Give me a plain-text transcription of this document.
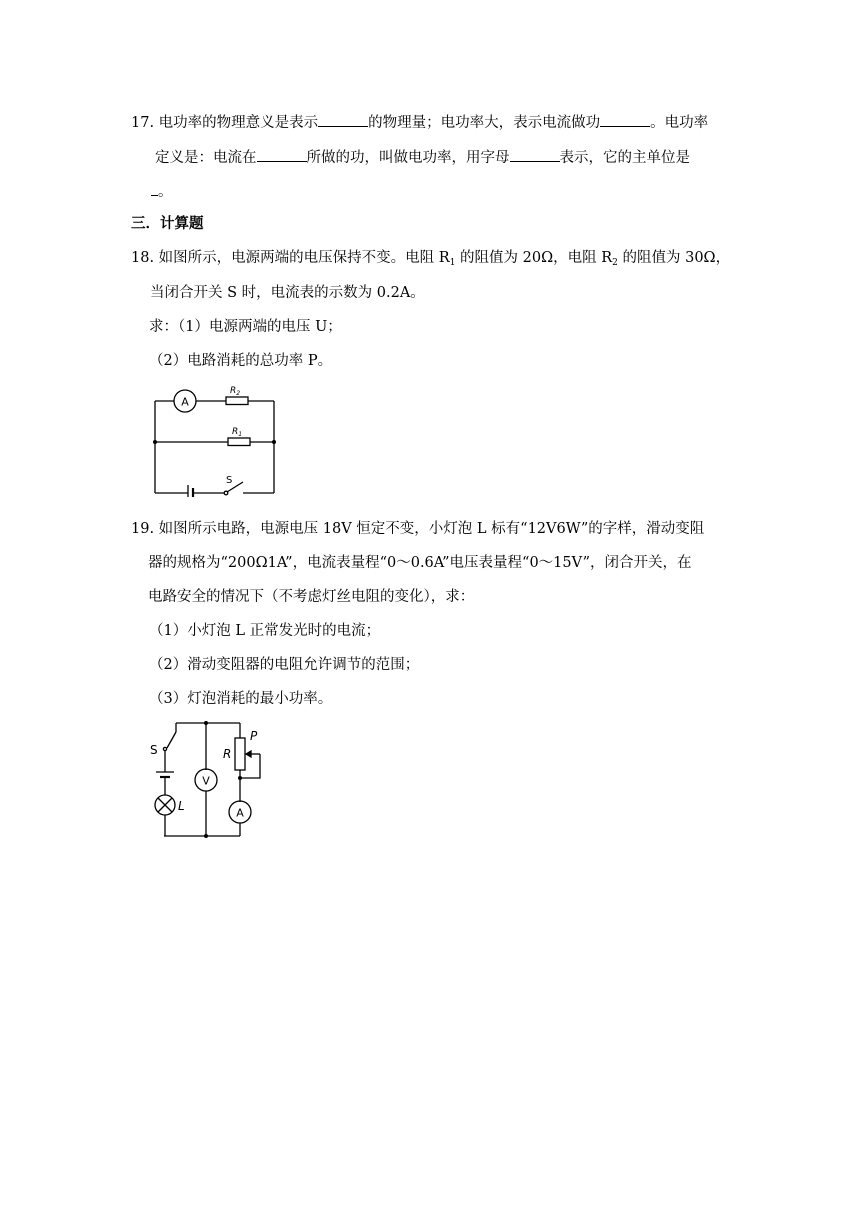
17. 电功率的物理意义是表示	的物理量；电功率大，表示电流做功	。电功率
定义是：电流在	所做的功，叫做电功率，用字母	表示，它的主单位是
。
三．计算题
18. 如图所示，电源两端的电压保持不变。电阻 $R_1$ 的阻值为 20Ω，电阻 $R_2$ 的阻值为 30Ω，
当闭合开关 S 时，电流表的示数为 0.2A。
求：（1）电源两端的电压 U；
（2）电路消耗的总功率 P。
A
$R_2$
$R_1$
S
19. 如图所示电路，电源电压 18V 恒定不变，小灯泡 L 标有“12V6W”的字样，滑动变阻
器的规格为“200Ω1A”，电流表量程“0～0.6A”电压表量程“0～15V”，闭合开关，在
电路安全的情况下（不考虑灯丝电阻的变化），求：
（1）小灯泡 L 正常发光时的电流；
（2）滑动变阻器的电阻允许调节的范围；
（3）灯泡消耗的最小功率。
S
L
V
R
P
A
